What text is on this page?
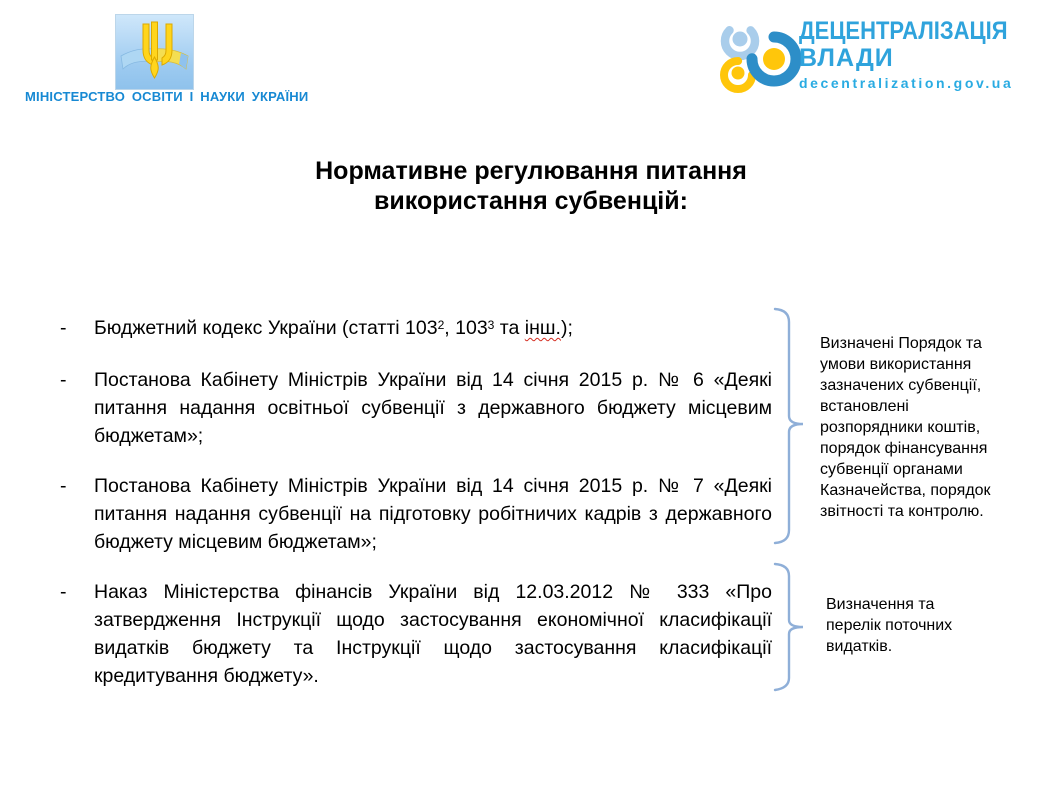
МІНІСТЕРСТВО ОСВІТИ І НАУКИ УКРАЇНИ
ДЕЦЕНТРАЛІЗАЦІЯ
ВЛАДИ
decentralization.gov.ua
Нормативне регулювання питання
використання субвенцій:
-	Бюджетний кодекс України (статті $103^2$, $103^3$ та інш.);

-	Постанова Кабінету Міністрів України від 14 січня 2015 р. № 6 «Деякі питання надання освітньої субвенції з державного бюджету місцевим бюджетам»;

-	Постанова Кабінету Міністрів України від 14 січня 2015 р. № 7 «Деякі питання надання субвенції на підготовку робітничих кадрів з державного бюджету місцевим бюджетам»;

-	Наказ Міністерства фінансів України від 12.03.2012 № 333 «Про затвердження Інструкції щодо застосування економічної класифікації видатків бюджету та Інструкції щодо застосування класифікації кредитування бюджету».

Визначені Порядок та умови використання зазначених субвенції, встановлені розпорядники коштів, порядок фінансування субвенції органами Казначейства, порядок звітності та контролю.
Визначення та перелік поточних видатків.
